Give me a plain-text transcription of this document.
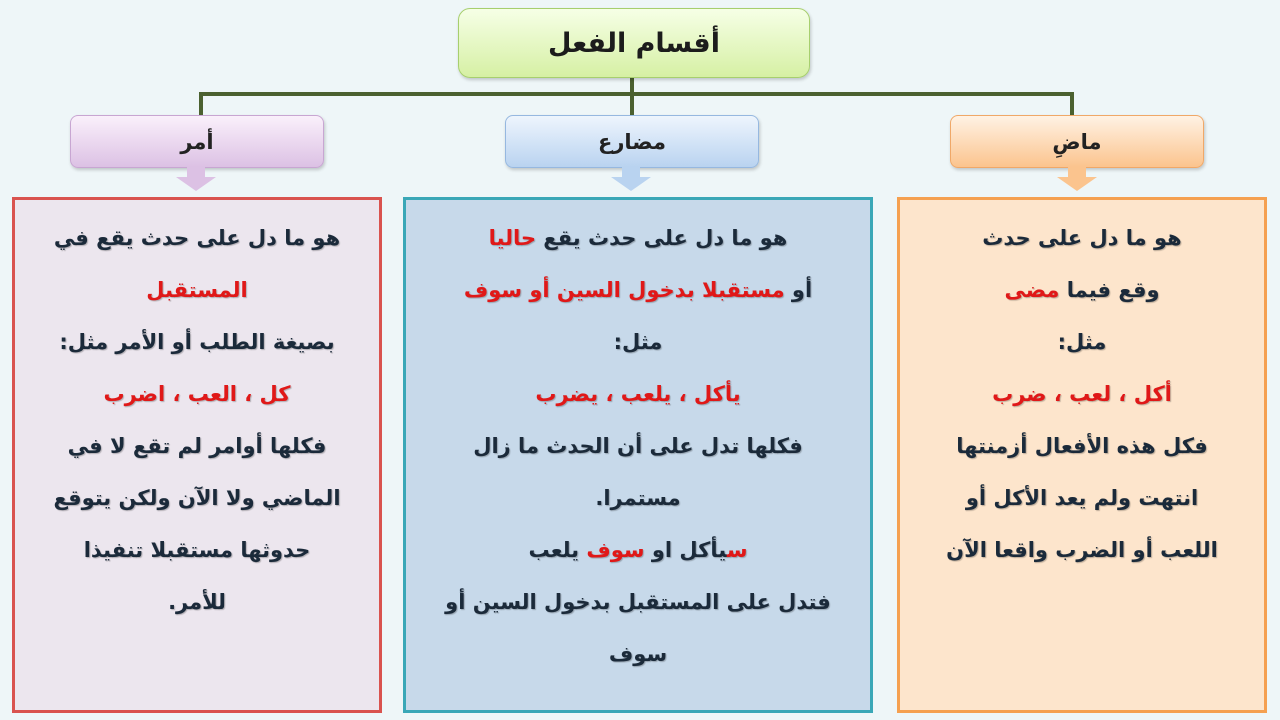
أقسام الفعل
أمر	مضارع	ماضِ
هو ما دل على حدث يقع في
المستقبل
بصيغة الطلب أو الأمر مثل:
كل ، العب ، اضرب
فكلها أوامر لم تقع لا في
الماضي ولا الآن ولكن يتوقع
حدوثها مستقبلا تنفيذا
للأمر.
هو ما دل على حدث يقع حاليا
أو مستقبلا بدخول السين أو سوف
مثل:
يأكل ، يلعب ، يضرب
فكلها تدل على أن الحدث ما زال
مستمرا.
سيأكل او سوف يلعب
فتدل على المستقبل بدخول السين أو
سوف
هو ما دل على حدث
وقع فيما مضى
مثل:
أكل ، لعب ، ضرب
فكل هذه الأفعال أزمنتها
انتهت ولم يعد الأكل أو
اللعب أو الضرب واقعا الآن
